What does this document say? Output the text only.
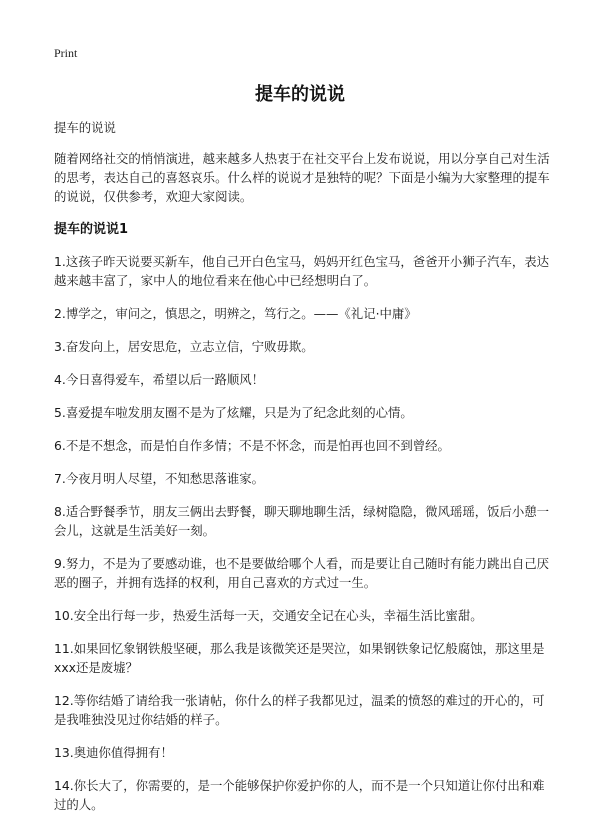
Print
提车的说说

提车的说说

随着网络社交的悄悄演进，越来越多人热衷于在社交平台上发布说说，用以分享自己对生活的思考，表达自己的喜怒哀乐。什么样的说说才是独特的呢？下面是小编为大家整理的提车的说说，仅供参考，欢迎大家阅读。

提车的说说1

1.这孩子昨天说要买新车，他自己开白色宝马，妈妈开红色宝马，爸爸开小狮子汽车，表达越来越丰富了，家中人的地位看来在他心中已经想明白了。

2.博学之，审问之，慎思之，明辨之，笃行之。——《礼记·中庸》

3.奋发向上，居安思危，立志立信，宁败毋欺。

4.今日喜得爱车，希望以后一路顺风！

5.喜爱提车啦发朋友圈不是为了炫耀，只是为了纪念此刻的心情。

6.不是不想念，而是怕自作多情；不是不怀念，而是怕再也回不到曾经。

7.今夜月明人尽望，不知愁思落谁家。

8.适合野餐季节，朋友三俩出去野餐，聊天聊地聊生活，绿树隐隐，微风瑶瑶，饭后小憩一会儿，这就是生活美好一刻。

9.努力，不是为了要感动谁，也不是要做给哪个人看，而是要让自己随时有能力跳出自己厌恶的圈子，并拥有选择的权利，用自己喜欢的方式过一生。

10.安全出行每一步，热爱生活每一天，交通安全记在心头，幸福生活比蜜甜。

11.如果回忆象钢铁般坚硬，那么我是该微笑还是哭泣，如果钢铁象记忆般腐蚀，那这里是xxx还是废墟？

12.等你结婚了请给我一张请帖，你什么的样子我都见过，温柔的愤怒的难过的开心的，可是我唯独没见过你结婚的样子。

13.奥迪你值得拥有！

14.你长大了，你需要的，是一个能够保护你爱护你的人，而不是一个只知道让你付出和难过的人。
